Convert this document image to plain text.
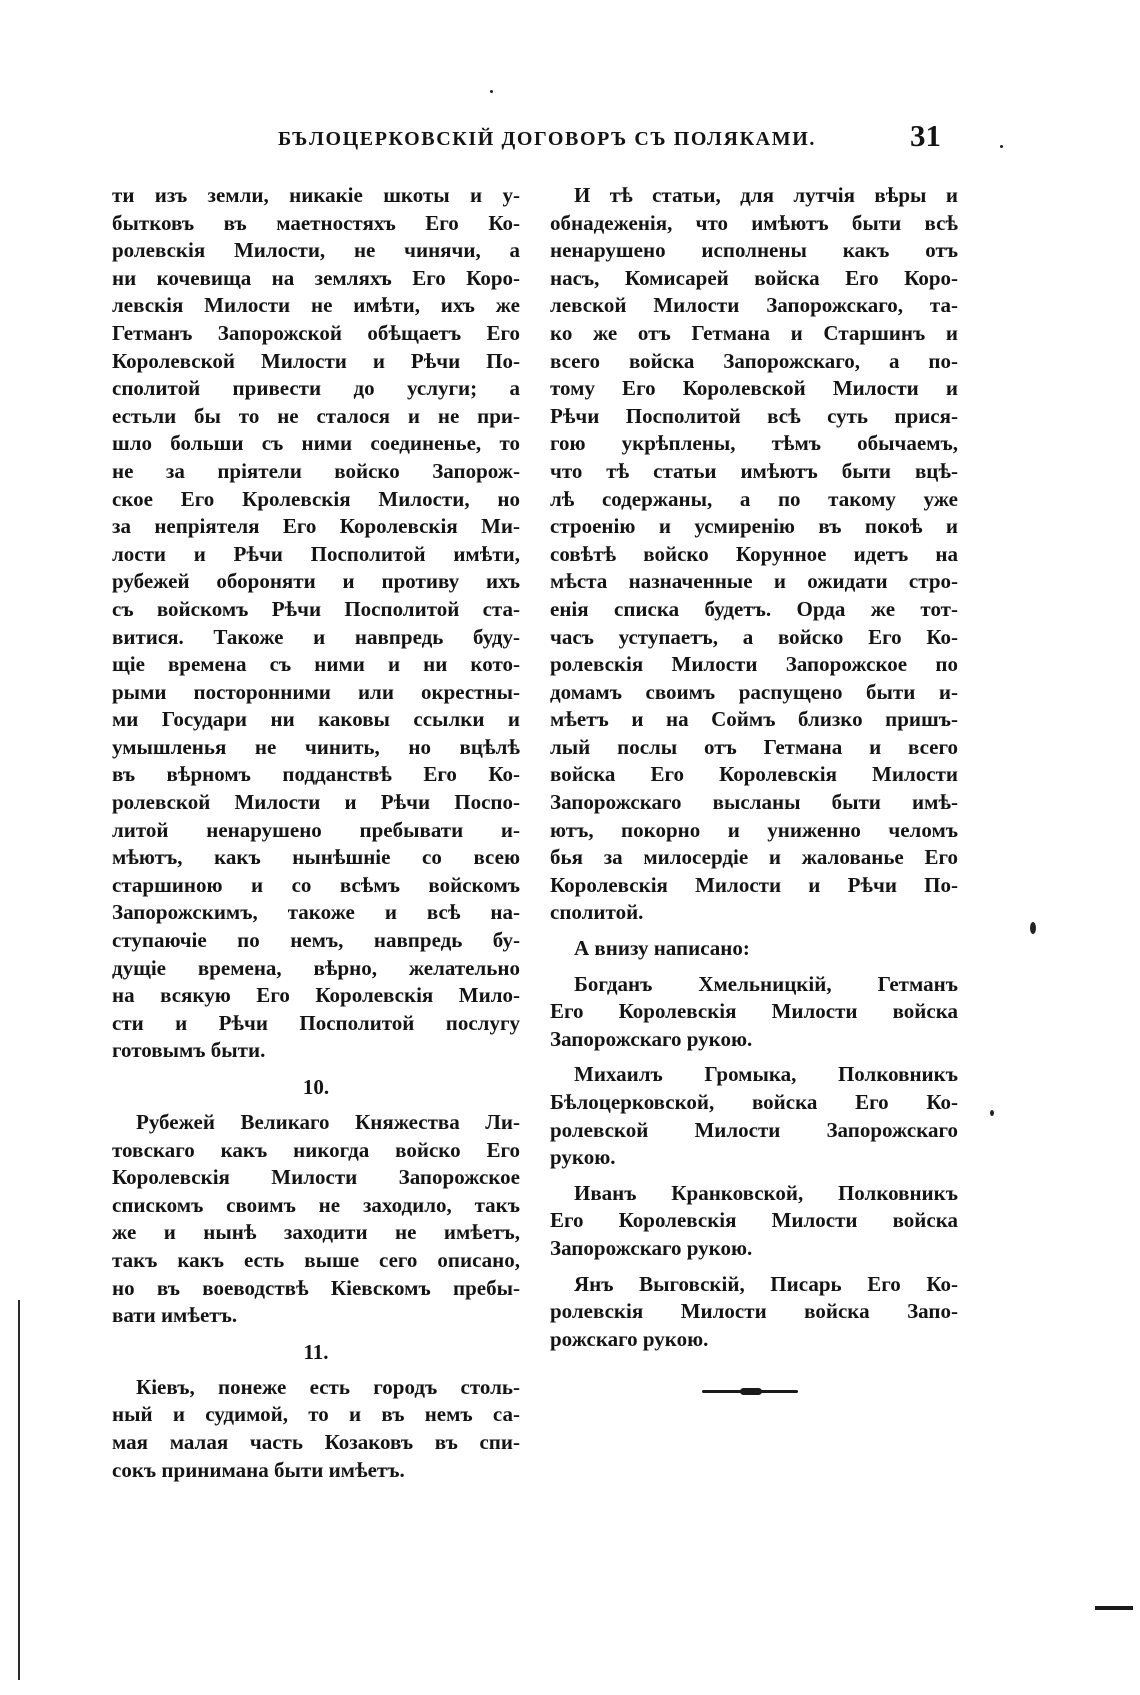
БЪЛОЦЕРКОВСКІЙ ДОГОВОРЪ СЪ ПОЛЯКАМИ.	31
ти изъ земли, никакіе шкоты и у-
бытковъ въ маетностяхъ Его Ко-
ролевскія Милости, не чинячи, а
ни кочевища на земляхъ Его Коро-
левскія Милости не имѣти, ихъ же
Гетманъ Запорожской обѣщаетъ Его
Королевской Милости и Рѣчи По-
сполитой привести до услуги; а
естьли бы то не сталося и не при-
шло больши съ ними соединенье, то
не за пріятели войско Запорож-
ское Его Кролевскія Милости, но
за непріятеля Его Королевскія Ми-
лости и Рѣчи Посполитой имѣти,
рубежей обороняти и противу ихъ
съ войскомъ Рѣчи Посполитой ста-
витися. Такоже и навпредь буду-
щіе времена съ ними и ни кото-
рыми посторонними или окрестны-
ми Государи ни каковы ссылки и
умышленья не чинить, но вцѣлѣ
въ вѣрномъ подданствѣ Его Ко-
ролевской Милости и Рѣчи Поспо-
литой ненарушено пребывати и-
мѣютъ, какъ нынѣшніе со всею
старшиною и со всѣмъ войскомъ
Запорожскимъ, такоже и всѣ на-
ступаючіе по немъ, навпредь бу-
дущіе времена, вѣрно, желательно
на всякую Его Королевскія Мило-
сти и Рѣчи Посполитой послугу
готовымъ быти.
10.
Рубежей Великаго Княжества Ли-
товскаго какъ никогда войско Его
Королевскія Милости Запорожское
спискомъ своимъ не заходило, такъ
же и нынѣ заходити не имѣетъ,
такъ какъ есть выше сего описано,
но въ воеводствѣ Кіевскомъ пребы-
вати имѣетъ.
11.
Кіевъ, понеже есть городъ столь-
ный и судимой, то и въ немъ са-
мая малая часть Козаковъ въ спи-
сокъ принимана быти имѣетъ.
И тѣ статьи, для лутчія вѣры и
обнадеженія, что имѣютъ быти всѣ
ненарушено исполнены какъ отъ
насъ, Комисарей войска Его Коро-
левской Милости Запорожскаго, та-
ко же отъ Гетмана и Старшинъ и
всего войска Запорожскаго, а по-
тому Его Королевской Милости и
Рѣчи Посполитой всѣ суть прися-
гою укрѣплены, тѣмъ обычаемъ,
что тѣ статьи имѣютъ быти вцѣ-
лѣ содержаны, а по такому уже
строенію и усмиренію въ покоѣ и
совѣтѣ войско Корунное идетъ на
мѣста назначенные и ожидати стро-
енія списка будетъ. Орда же тот-
часъ уступаетъ, а войско Его Ко-
ролевскія Милости Запорожское по
домамъ своимъ распущено быти и-
мѣетъ и на Соймъ близко пришъ-
лый послы отъ Гетмана и всего
войска Его Королевскія Милости
Запорожскаго высланы быти имѣ-
ютъ, покорно и униженно челомъ
бья за милосердіе и жалованье Его
Королевскія Милости и Рѣчи По-
сполитой.
А внизу написано:
Богданъ Хмельницкій, Гетманъ
Его Королевскія Милости войска
Запорожскаго рукою.
Михаилъ Громыка, Полковникъ
Бѣлоцерковской, войска Его Ко-
ролевской Милости Запорожскаго
рукою.
Иванъ Кранковской, Полковникъ
Его Королевскія Милости войска
Запорожскаго рукою.
Янъ Выговскій, Писарь Его Ко-
ролевскія Милости войска Запо-
рожскаго рукою.
